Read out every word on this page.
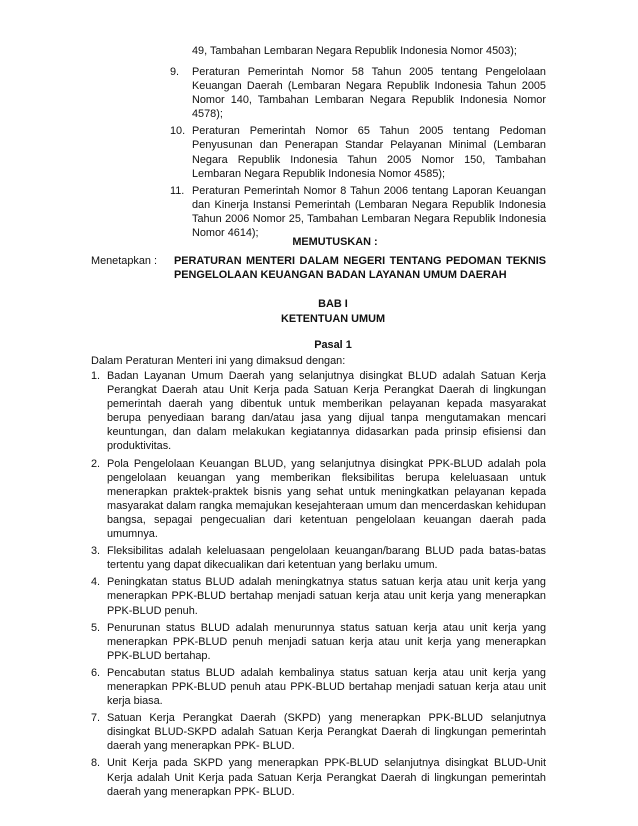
49, Tambahan Lembaran Negara Republik Indonesia Nomor 4503);
9.	Peraturan Pemerintah Nomor 58 Tahun 2005 tentang Pengelolaan Keuangan Daerah (Lembaran Negara Republik Indonesia Tahun 2005 Nomor 140, Tambahan Lembaran Negara Republik Indonesia Nomor 4578);
10. Peraturan Pemerintah Nomor 65 Tahun 2005 tentang Pedoman Penyusunan dan Penerapan Standar Pelayanan Minimal (Lembaran Negara Republik Indonesia Tahun 2005 Nomor 150, Tambahan Lembaran Negara Republik Indonesia Nomor 4585);
11. Peraturan Pemerintah Nomor 8 Tahun 2006 tentang Laporan Keuangan dan Kinerja Instansi Pemerintah (Lembaran Negara Republik Indonesia Tahun 2006 Nomor 25, Tambahan Lembaran Negara Republik Indonesia Nomor 4614);
MEMUTUSKAN :
Menetapkan :	PERATURAN MENTERI DALAM NEGERI TENTANG PEDOMAN TEKNIS PENGELOLAAN KEUANGAN BADAN LAYANAN UMUM DAERAH
BAB I
KETENTUAN UMUM
Pasal 1
Dalam Peraturan Menteri ini yang dimaksud dengan:
1. Badan Layanan Umum Daerah yang selanjutnya disingkat BLUD adalah Satuan Kerja Perangkat Daerah atau Unit Kerja pada Satuan Kerja Perangkat Daerah di lingkungan pemerintah daerah yang dibentuk untuk memberikan pelayanan kepada masyarakat berupa penyediaan barang dan/atau jasa yang dijual tanpa mengutamakan mencari keuntungan, dan dalam melakukan kegiatannya didasarkan pada prinsip efisiensi dan produktivitas.
2. Pola Pengelolaan Keuangan BLUD, yang selanjutnya disingkat PPK-BLUD adalah pola pengelolaan keuangan yang memberikan fleksibilitas berupa keleluasaan untuk menerapkan praktek-praktek bisnis yang sehat untuk meningkatkan pelayanan kepada masyarakat dalam rangka memajukan kesejahteraan umum dan mencerdaskan kehidupan bangsa, sepagai pengecualian dari ketentuan pengelolaan keuangan daerah pada umumnya.
3. Fleksibilitas adalah keleluasaan pengelolaan keuangan/barang BLUD pada batas-batas tertentu yang dapat dikecualikan dari ketentuan yang berlaku umum.
4. Peningkatan status BLUD adalah meningkatnya status satuan kerja atau unit kerja yang menerapkan PPK-BLUD bertahap menjadi satuan kerja atau unit kerja yang menerapkan PPK-BLUD penuh.
5. Penurunan status BLUD adalah menurunnya status satuan kerja atau unit kerja yang menerapkan PPK-BLUD penuh menjadi satuan kerja atau unit kerja yang menerapkan PPK-BLUD bertahap.
6. Pencabutan status BLUD adalah kembalinya status satuan kerja atau unit kerja yang menerapkan PPK-BLUD penuh atau PPK-BLUD bertahap menjadi satuan kerja atau unit kerja biasa.
7. Satuan Kerja Perangkat Daerah (SKPD) yang menerapkan PPK-BLUD selanjutnya disingkat BLUD-SKPD adalah Satuan Kerja Perangkat Daerah di lingkungan pemerintah daerah yang menerapkan PPK- BLUD.
8. Unit Kerja pada SKPD yang menerapkan PPK-BLUD selanjutnya disingkat BLUD-Unit Kerja adalah Unit Kerja pada Satuan Kerja Perangkat Daerah di lingkungan pemerintah daerah yang menerapkan PPK- BLUD.
